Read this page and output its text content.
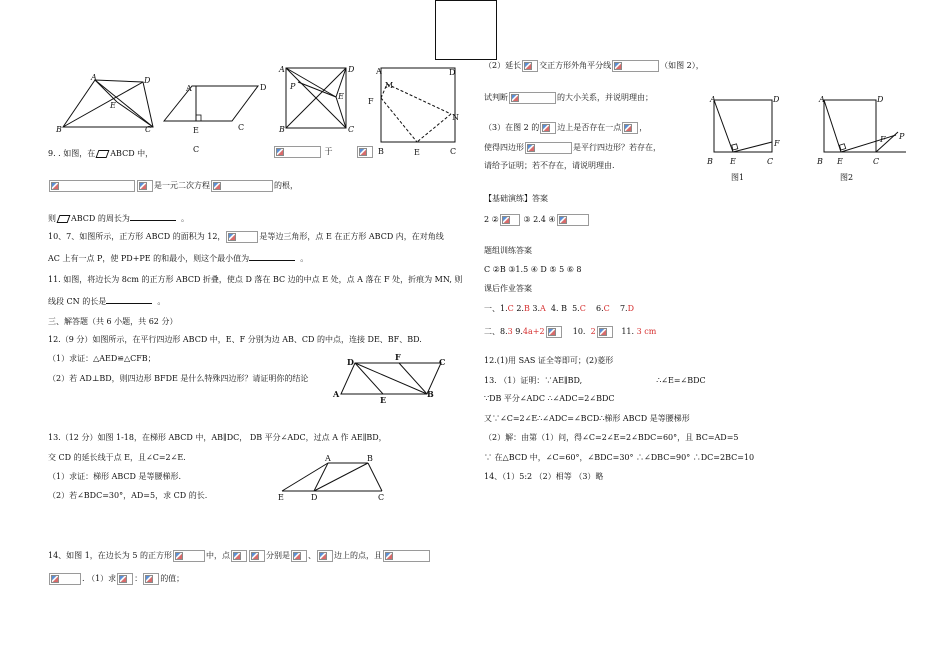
A	D
E
B	C
A	D
E	C
C
A	D
P
E
B	C
A
M
D
F
N
B	E	C
9. . 如图，在 ABCD 中，	于
是一元二次方程	的根，
则 ABCD 的周长为	。
10、7、如图所示，正方形 ABCD 的面积为 12，	是等边三角形，点 E 在正方形 ABCD 内，在对角线
AC 上有一点 P，使 PD+PE 的和最小，则这个最小值为	。
11. 如图，将边长为 8cm 的正方形 ABCD 折叠，使点 D 落在 BC 边的中点 E 处，点 A 落在 F 处，折痕为 MN, 则
线段 CN 的长是	。
三、解答题（共 6 小题，共 62 分）
12.（9 分）如图所示，在平行四边形 ABCD 中，E、F 分别为边 AB、CD 的中点，连接 DE、BF、BD.
（1）求证：△AED≌△CFB；
（2）若 AD⊥BD，则四边形 BFDE 是什么特殊四边形？请证明你的结论
D	F	C
A
E
B
13.（12 分）如图 1-18，在梯形 ABCD 中，AB∥DC， DB 平分∠ADC，过点 A 作 AE∥BD，
交 CD 的延长线于点 E，且∠C=2∠E.
（1）求证：梯形 ABCD 是等腰梯形.
（2）若∠BDC=30°，AD=5，求 CD 的长.
A	B
E	D	C
14、如图 1，在边长为 5 的正方形	中，点	分别是 、 边上的点，且
. （1）求 ： 的值；
（2）延长 交正方形外角平分线	（如图 2），
试判断	的大小关系，并说明理由；
（3）在图 2 的 边上是否存在一点 ，
使得四边形	是平行四边形？若存在，
请给予证明；若不存在，请说明理由.
A	D
F
B E	C
图1
A	D
F P
B E	C
图2
【基础演练】答案
2 ②	③ 2.4 ④
题组训练答案
C ②B ③1.5 ④ D ⑤ 5 ⑥ 8
课后作业答案
一、1.C 2.B 3.A 4. B 5.C 6.C 7.D
二、8.3 9.4a+2	10. 2	11. 3 cm
12.(1)用 SAS 证全等即可；(2)菱形
13. （1）证明：∵AE∥BD,	∴∠E=∠BDC
∵DB 平分∠ADC ∴∠ADC=2∠BDC
又∵∠C=2∠E∴∠ADC=∠BCD∴梯形 ABCD 是等腰梯形
（2）解：由第（1）问，得∠C=2∠E=2∠BDC=60°，且 BC=AD=5
∵ 在△BCD 中，∠C=60°，∠BDC=30° ∴∠DBC=90° ∴DC=2BC=10
14、（1）5:2 （2）相等 （3）略
